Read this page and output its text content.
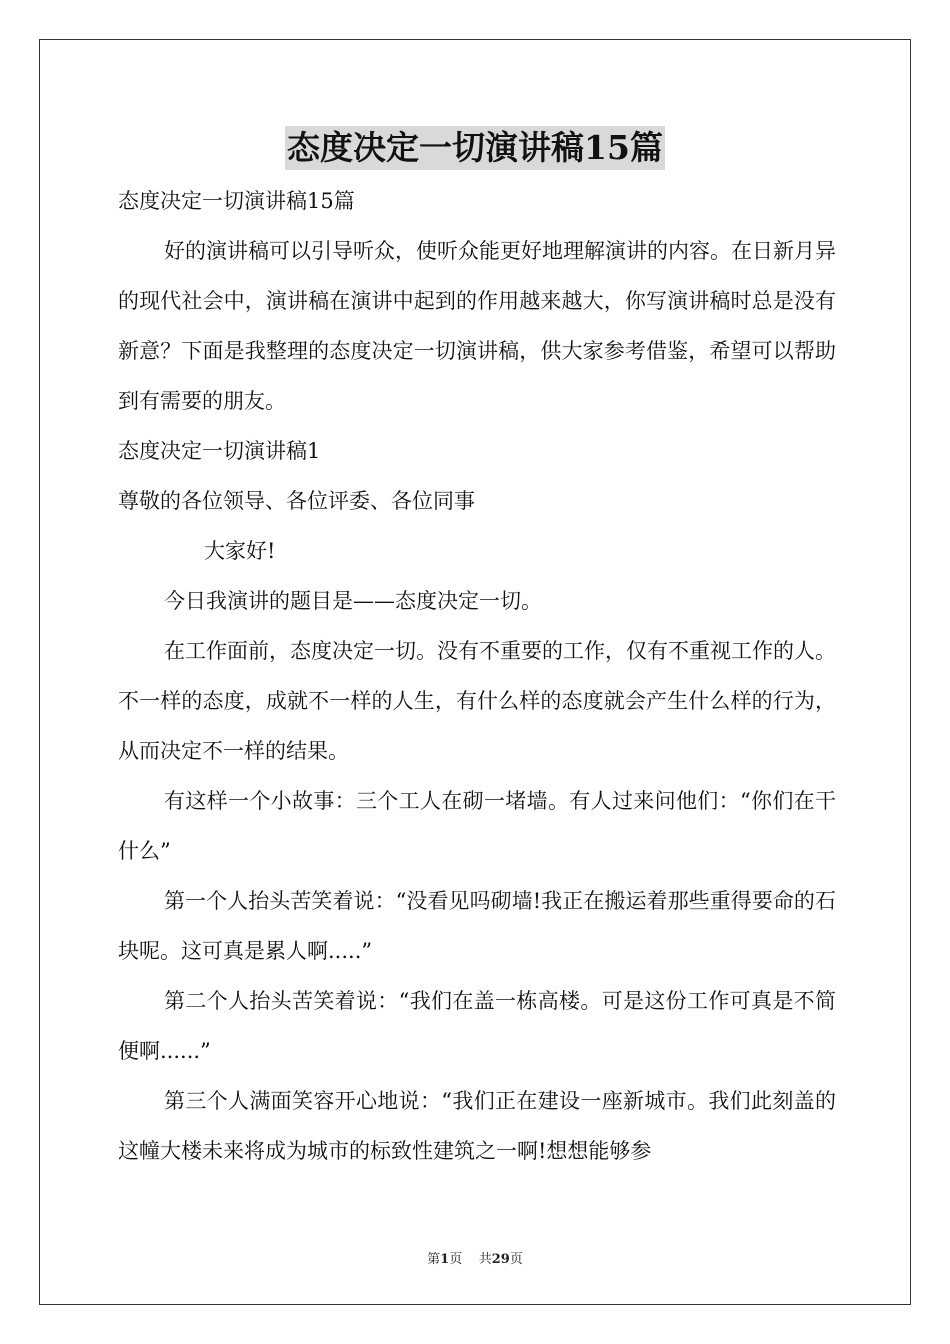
态度决定一切演讲稿15篇

态度决定一切演讲稿15篇

好的演讲稿可以引导听众，使听众能更好地理解演讲的内容。在日新月异的现代社会中，演讲稿在演讲中起到的作用越来越大，你写演讲稿时总是没有新意？下面是我整理的态度决定一切演讲稿，供大家参考借鉴，希望可以帮助到有需要的朋友。

态度决定一切演讲稿1

尊敬的各位领导、各位评委、各位同事

大家好!

今日我演讲的题目是——态度决定一切。

在工作面前，态度决定一切。没有不重要的工作，仅有不重视工作的人。不一样的态度，成就不一样的人生，有什么样的态度就会产生什么样的行为，从而决定不一样的结果。

有这样一个小故事：三个工人在砌一堵墙。有人过来问他们：“你们在干什么”

第一个人抬头苦笑着说：“没看见吗砌墙!我正在搬运着那些重得要命的石块呢。这可真是累人啊.....”

第二个人抬头苦笑着说：“我们在盖一栋高楼。可是这份工作可真是不简便啊......”

第三个人满面笑容开心地说：“我们正在建设一座新城市。我们此刻盖的这幢大楼未来将成为城市的标致性建筑之一啊!想想能够参

第1页 共29页
